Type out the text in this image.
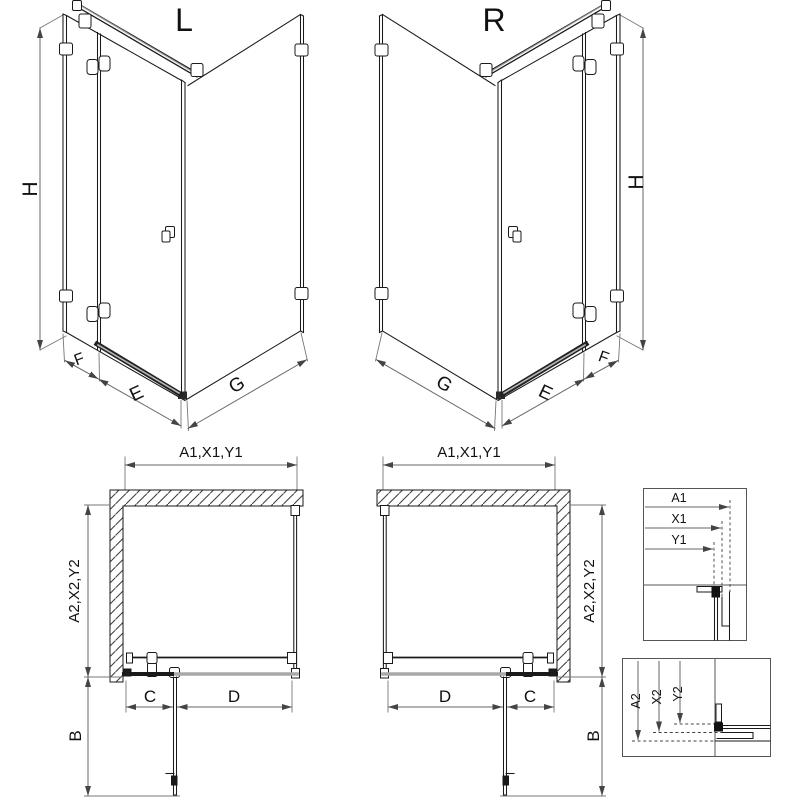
L	R
H	H
F
E	G
F
E
G
A1,X1,Y1	A1,X1,Y1
A2,X2,Y2	A2,X2,Y2
C	D	D	C
B	B
A1
X1
Y1
A2 X2 Y2
